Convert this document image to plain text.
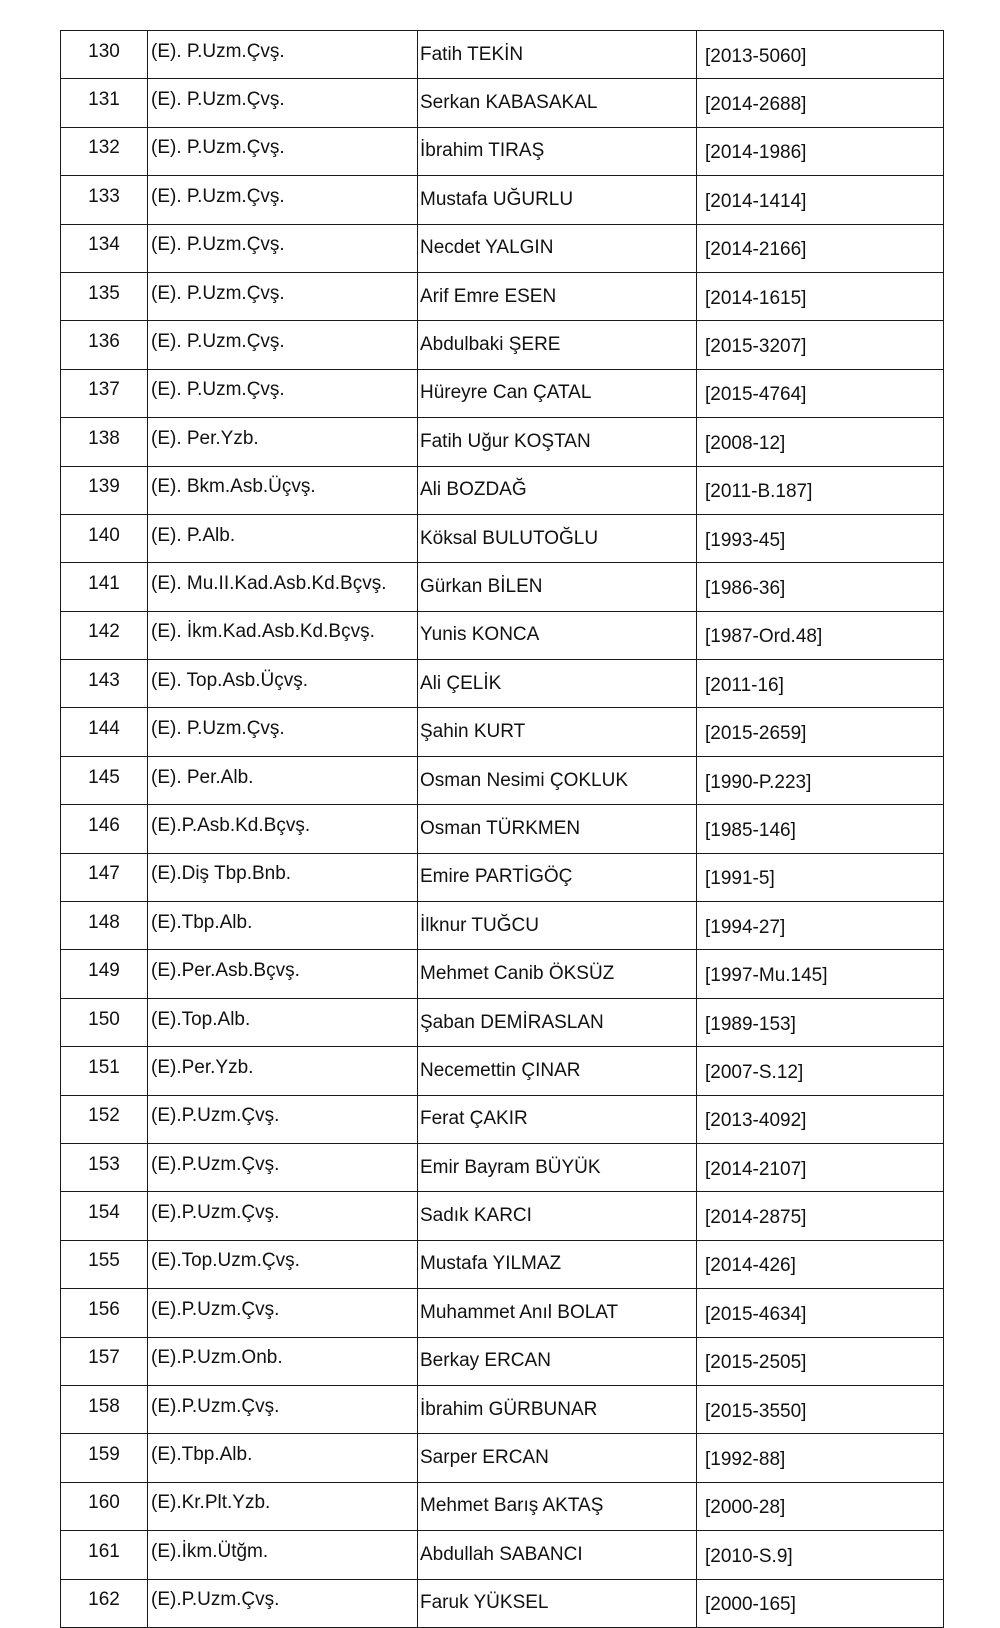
130	(E). P.Uzm.Çvş.	Fatih TEKİN	[2013-5060]
131	(E). P.Uzm.Çvş.	Serkan KABASAKAL	[2014-2688]
132	(E). P.Uzm.Çvş.	İbrahim TIRAŞ	[2014-1986]
133	(E). P.Uzm.Çvş.	Mustafa UĞURLU	[2014-1414]
134	(E). P.Uzm.Çvş.	Necdet YALGIN	[2014-2166]
135	(E). P.Uzm.Çvş.	Arif Emre ESEN	[2014-1615]
136	(E). P.Uzm.Çvş.	Abdulbaki ŞERE	[2015-3207]
137	(E). P.Uzm.Çvş.	Hüreyre Can ÇATAL	[2015-4764]
138	(E). Per.Yzb.	Fatih Uğur KOŞTAN	[2008-12]
139	(E). Bkm.Asb.Üçvş.	Ali BOZDAĞ	[2011-B.187]
140	(E). P.Alb.	Köksal BULUTOĞLU	[1993-45]
141	(E). Mu.II.Kad.Asb.Kd.Bçvş.	Gürkan BİLEN	[1986-36]
142	(E). İkm.Kad.Asb.Kd.Bçvş.	Yunis KONCA	[1987-Ord.48]
143	(E). Top.Asb.Üçvş.	Ali ÇELİK	[2011-16]
144	(E). P.Uzm.Çvş.	Şahin KURT	[2015-2659]
145	(E). Per.Alb.	Osman Nesimi ÇOKLUK	[1990-P.223]
146	(E).P.Asb.Kd.Bçvş.	Osman TÜRKMEN	[1985-146]
147	(E).Diş Tbp.Bnb.	Emire PARTİGÖÇ	[1991-5]
148	(E).Tbp.Alb.	İlknur TUĞCU	[1994-27]
149	(E).Per.Asb.Bçvş.	Mehmet Canib ÖKSÜZ	[1997-Mu.145]
150	(E).Top.Alb.	Şaban DEMİRASLAN	[1989-153]
151	(E).Per.Yzb.	Necemettin ÇINAR	[2007-S.12]
152	(E).P.Uzm.Çvş.	Ferat ÇAKIR	[2013-4092]
153	(E).P.Uzm.Çvş.	Emir Bayram BÜYÜK	[2014-2107]
154	(E).P.Uzm.Çvş.	Sadık KARCI	[2014-2875]
155	(E).Top.Uzm.Çvş.	Mustafa YILMAZ	[2014-426]
156	(E).P.Uzm.Çvş.	Muhammet Anıl BOLAT	[2015-4634]
157	(E).P.Uzm.Onb.	Berkay ERCAN	[2015-2505]
158	(E).P.Uzm.Çvş.	İbrahim GÜRBUNAR	[2015-3550]
159	(E).Tbp.Alb.	Sarper ERCAN	[1992-88]
160	(E).Kr.Plt.Yzb.	Mehmet Barış AKTAŞ	[2000-28]
161	(E).İkm.Ütğm.	Abdullah SABANCI	[2010-S.9]
162	(E).P.Uzm.Çvş.	Faruk YÜKSEL	[2000-165]
